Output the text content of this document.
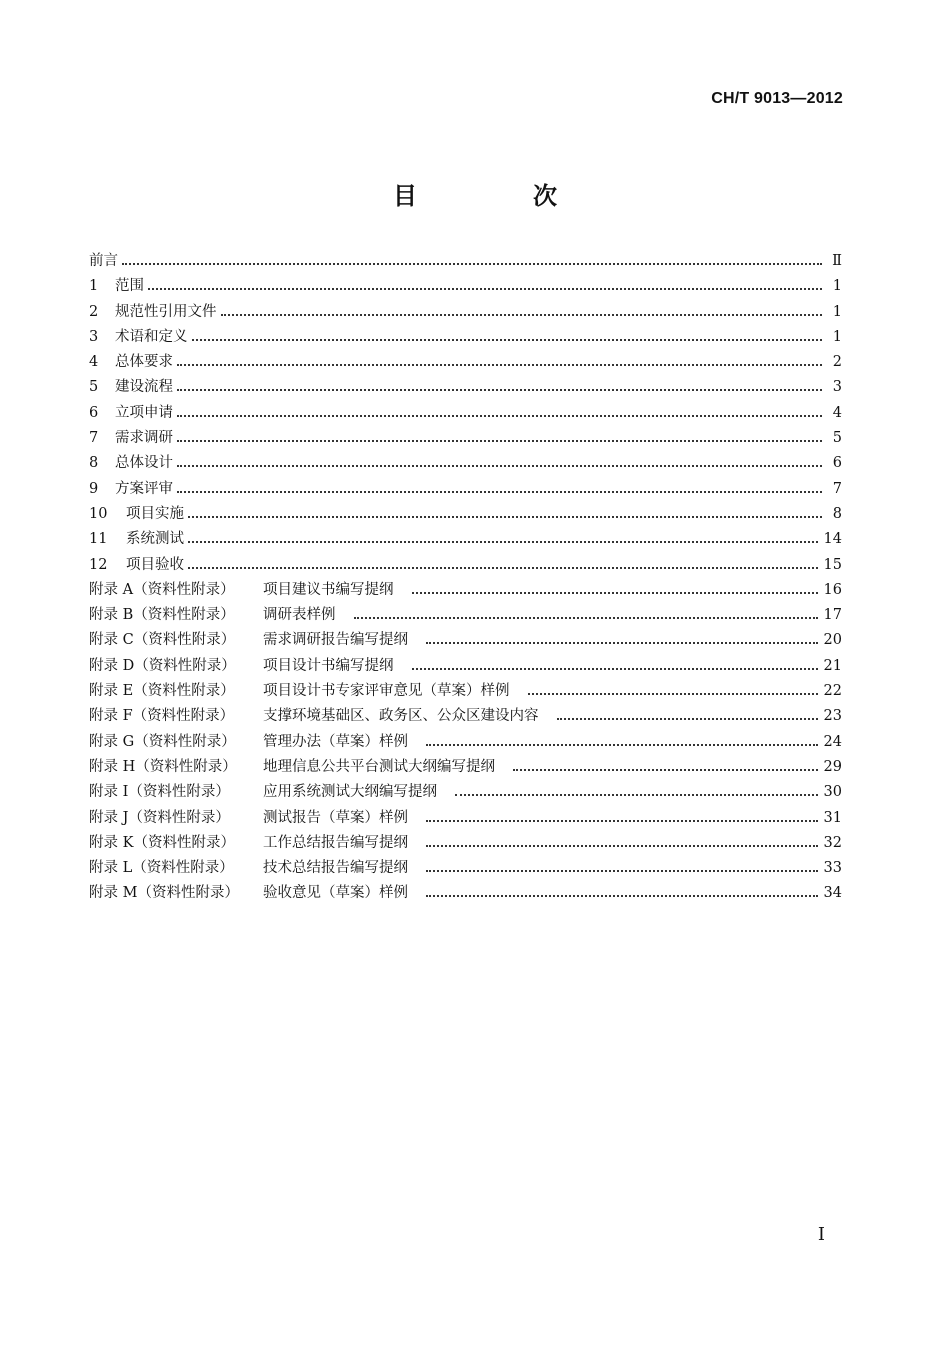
CH/T 9013—2012
目　次
前言	Ⅱ
1	范围	1
2	规范性引用文件	1
3	术语和定义	1
4	总体要求	2
5	建设流程	3
6	立项申请	4
7	需求调研	5
8	总体设计	6
9	方案评审	7
10	项目实施	8
11	系统测试	14
12	项目验收	15
附录 A（资料性附录）	项目建议书编写提纲	16
附录 B（资料性附录）	调研表样例	17
附录 C（资料性附录）	需求调研报告编写提纲	20
附录 D（资料性附录）	项目设计书编写提纲	21
附录 E（资料性附录）	项目设计书专家评审意见（草案）样例	22
附录 F（资料性附录）	支撑环境基础区、政务区、公众区建设内容	23
附录 G（资料性附录）	管理办法（草案）样例	24
附录 H（资料性附录）	地理信息公共平台测试大纲编写提纲	29
附录 I（资料性附录）	应用系统测试大纲编写提纲	30
附录 J（资料性附录）	测试报告（草案）样例	31
附录 K（资料性附录）	工作总结报告编写提纲	32
附录 L（资料性附录）	技术总结报告编写提纲	33
附录 M（资料性附录）	验收意见（草案）样例	34
I
